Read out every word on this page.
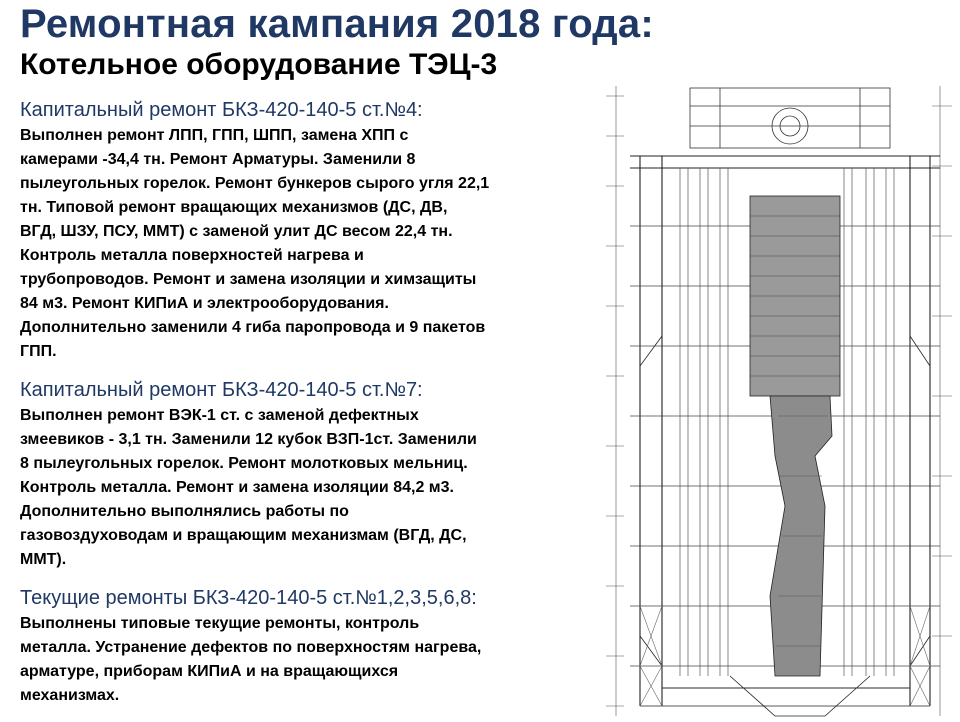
Ремонтная кампания 2018 года:
Котельное оборудование ТЭЦ-3
Капитальный ремонт БКЗ-420-140-5 ст.№4:
Выполнен ремонт ЛПП, ГПП, ШПП, замена ХПП с
камерами -34,4 тн. Ремонт Арматуры. Заменили 8
пылеугольных горелок. Ремонт бункеров сырого угля 22,1
тн. Типовой ремонт вращающих механизмов (ДС, ДВ,
ВГД, ШЗУ, ПСУ, ММТ) с заменой улит ДС весом 22,4 тн.
Контроль металла поверхностей нагрева и
трубопроводов. Ремонт и замена изоляции и химзащиты
84 м3. Ремонт КИПиА и электрооборудования.
Дополнительно заменили 4 гиба паропровода и 9 пакетов
ГПП.
Капитальный ремонт БКЗ-420-140-5 ст.№7:
Выполнен ремонт ВЭК-1 ст. с заменой дефектных
змеевиков - 3,1 тн. Заменили 12 кубок ВЗП-1ст. Заменили
8 пылеугольных горелок. Ремонт молотковых мельниц.
Контроль металла. Ремонт и замена изоляции 84,2 м3.
Дополнительно выполнялись работы по
газовоздуховодам и вращающим механизмам (ВГД, ДС,
ММТ).
Текущие ремонты БКЗ-420-140-5 ст.№1,2,3,5,6,8:
Выполнены типовые текущие ремонты, контроль
металла. Устранение дефектов по поверхностям нагрева,
арматуре, приборам КИПиА и на вращающихся
механизмах.
